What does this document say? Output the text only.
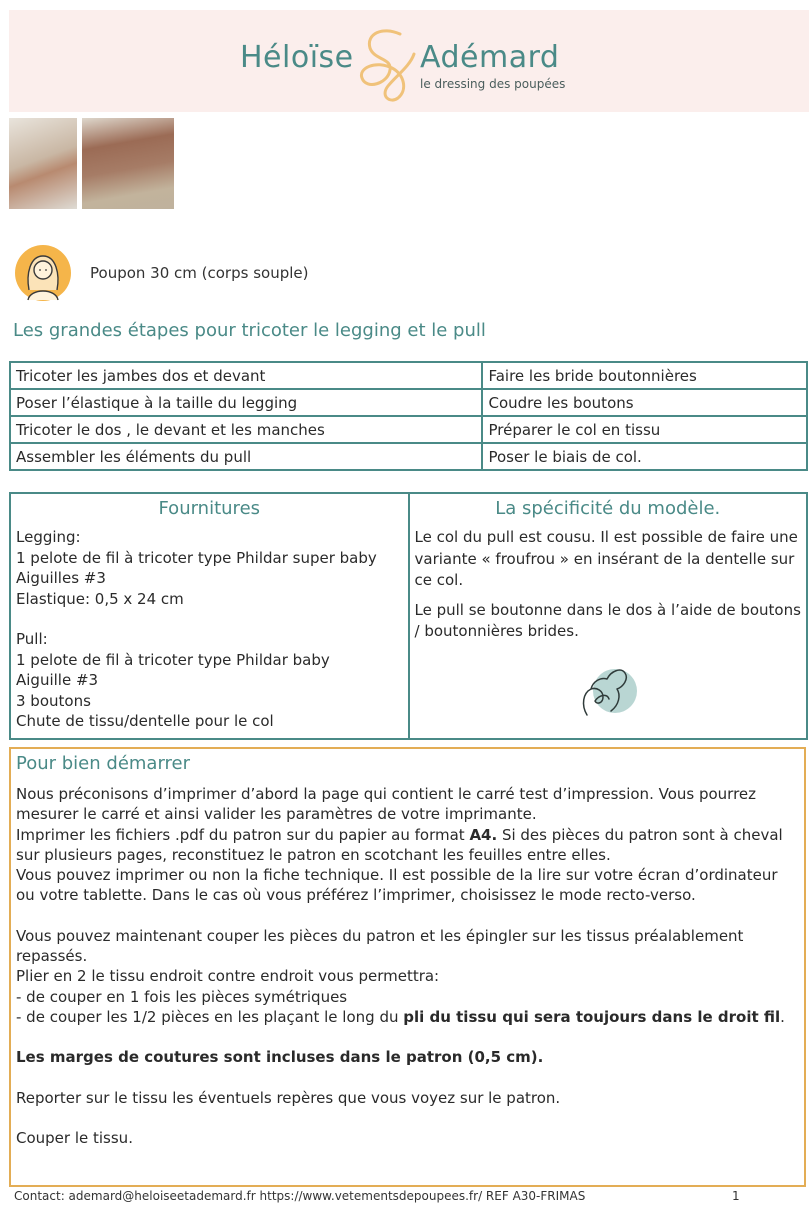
Héloïse Adémard
le dressing des poupées
Poupon 30 cm (corps souple)
Les grandes étapes pour tricoter le legging et le pull
Tricoter les jambes dos et devant	Faire les bride boutonnières
Poser l’élastique à la taille du legging	Coudre les boutons
Tricoter le dos , le devant et les manches	Préparer le col en tissu
Assembler les éléments du pull	Poser le biais de col.
Fournitures

Legging:

1 pelote de fil à tricoter type Phildar super baby

Aiguilles #3

Elastique: 0,5 x 24 cm

Pull:

1 pelote de fil à tricoter type Phildar baby

Aiguille #3

3 boutons

Chute de tissu/dentelle pour le col

La spécificité du modèle.

Le col du pull est cousu. Il est possible de faire une variante « froufrou » en insérant de la dentelle sur ce col.

Le pull se boutonne dans le dos à l’aide de boutons / boutonnières brides.

Pour bien démarrer

Nous préconisons d’imprimer d’abord la page qui contient le carré test d’impression. Vous pourrez mesurer le carré et ainsi valider les paramètres de votre imprimante.

Imprimer les fichiers .pdf du patron sur du papier au format A4. Si des pièces du patron sont à cheval sur plusieurs pages, reconstituez le patron en scotchant les feuilles entre elles.

Vous pouvez imprimer ou non la fiche technique. Il est possible de la lire sur votre écran d’ordinateur ou votre tablette. Dans le cas où vous préférez l’imprimer, choisissez le mode recto-verso.

Vous pouvez maintenant couper les pièces du patron et les épingler sur les tissus préalablement repassés.

Plier en 2 le tissu endroit contre endroit vous permettra:

- de couper en 1 fois les pièces symétriques

- de couper les 1/2 pièces en les plaçant le long du pli du tissu qui sera toujours dans le droit fil.

Les marges de coutures sont incluses dans le patron (0,5 cm).

Reporter sur le tissu les éventuels repères que vous voyez sur le patron.

Couper le tissu.

Contact: ademard@heloiseetademard.fr https://www.vetementsdepoupees.fr/ REF A30-FRIMAS	1
